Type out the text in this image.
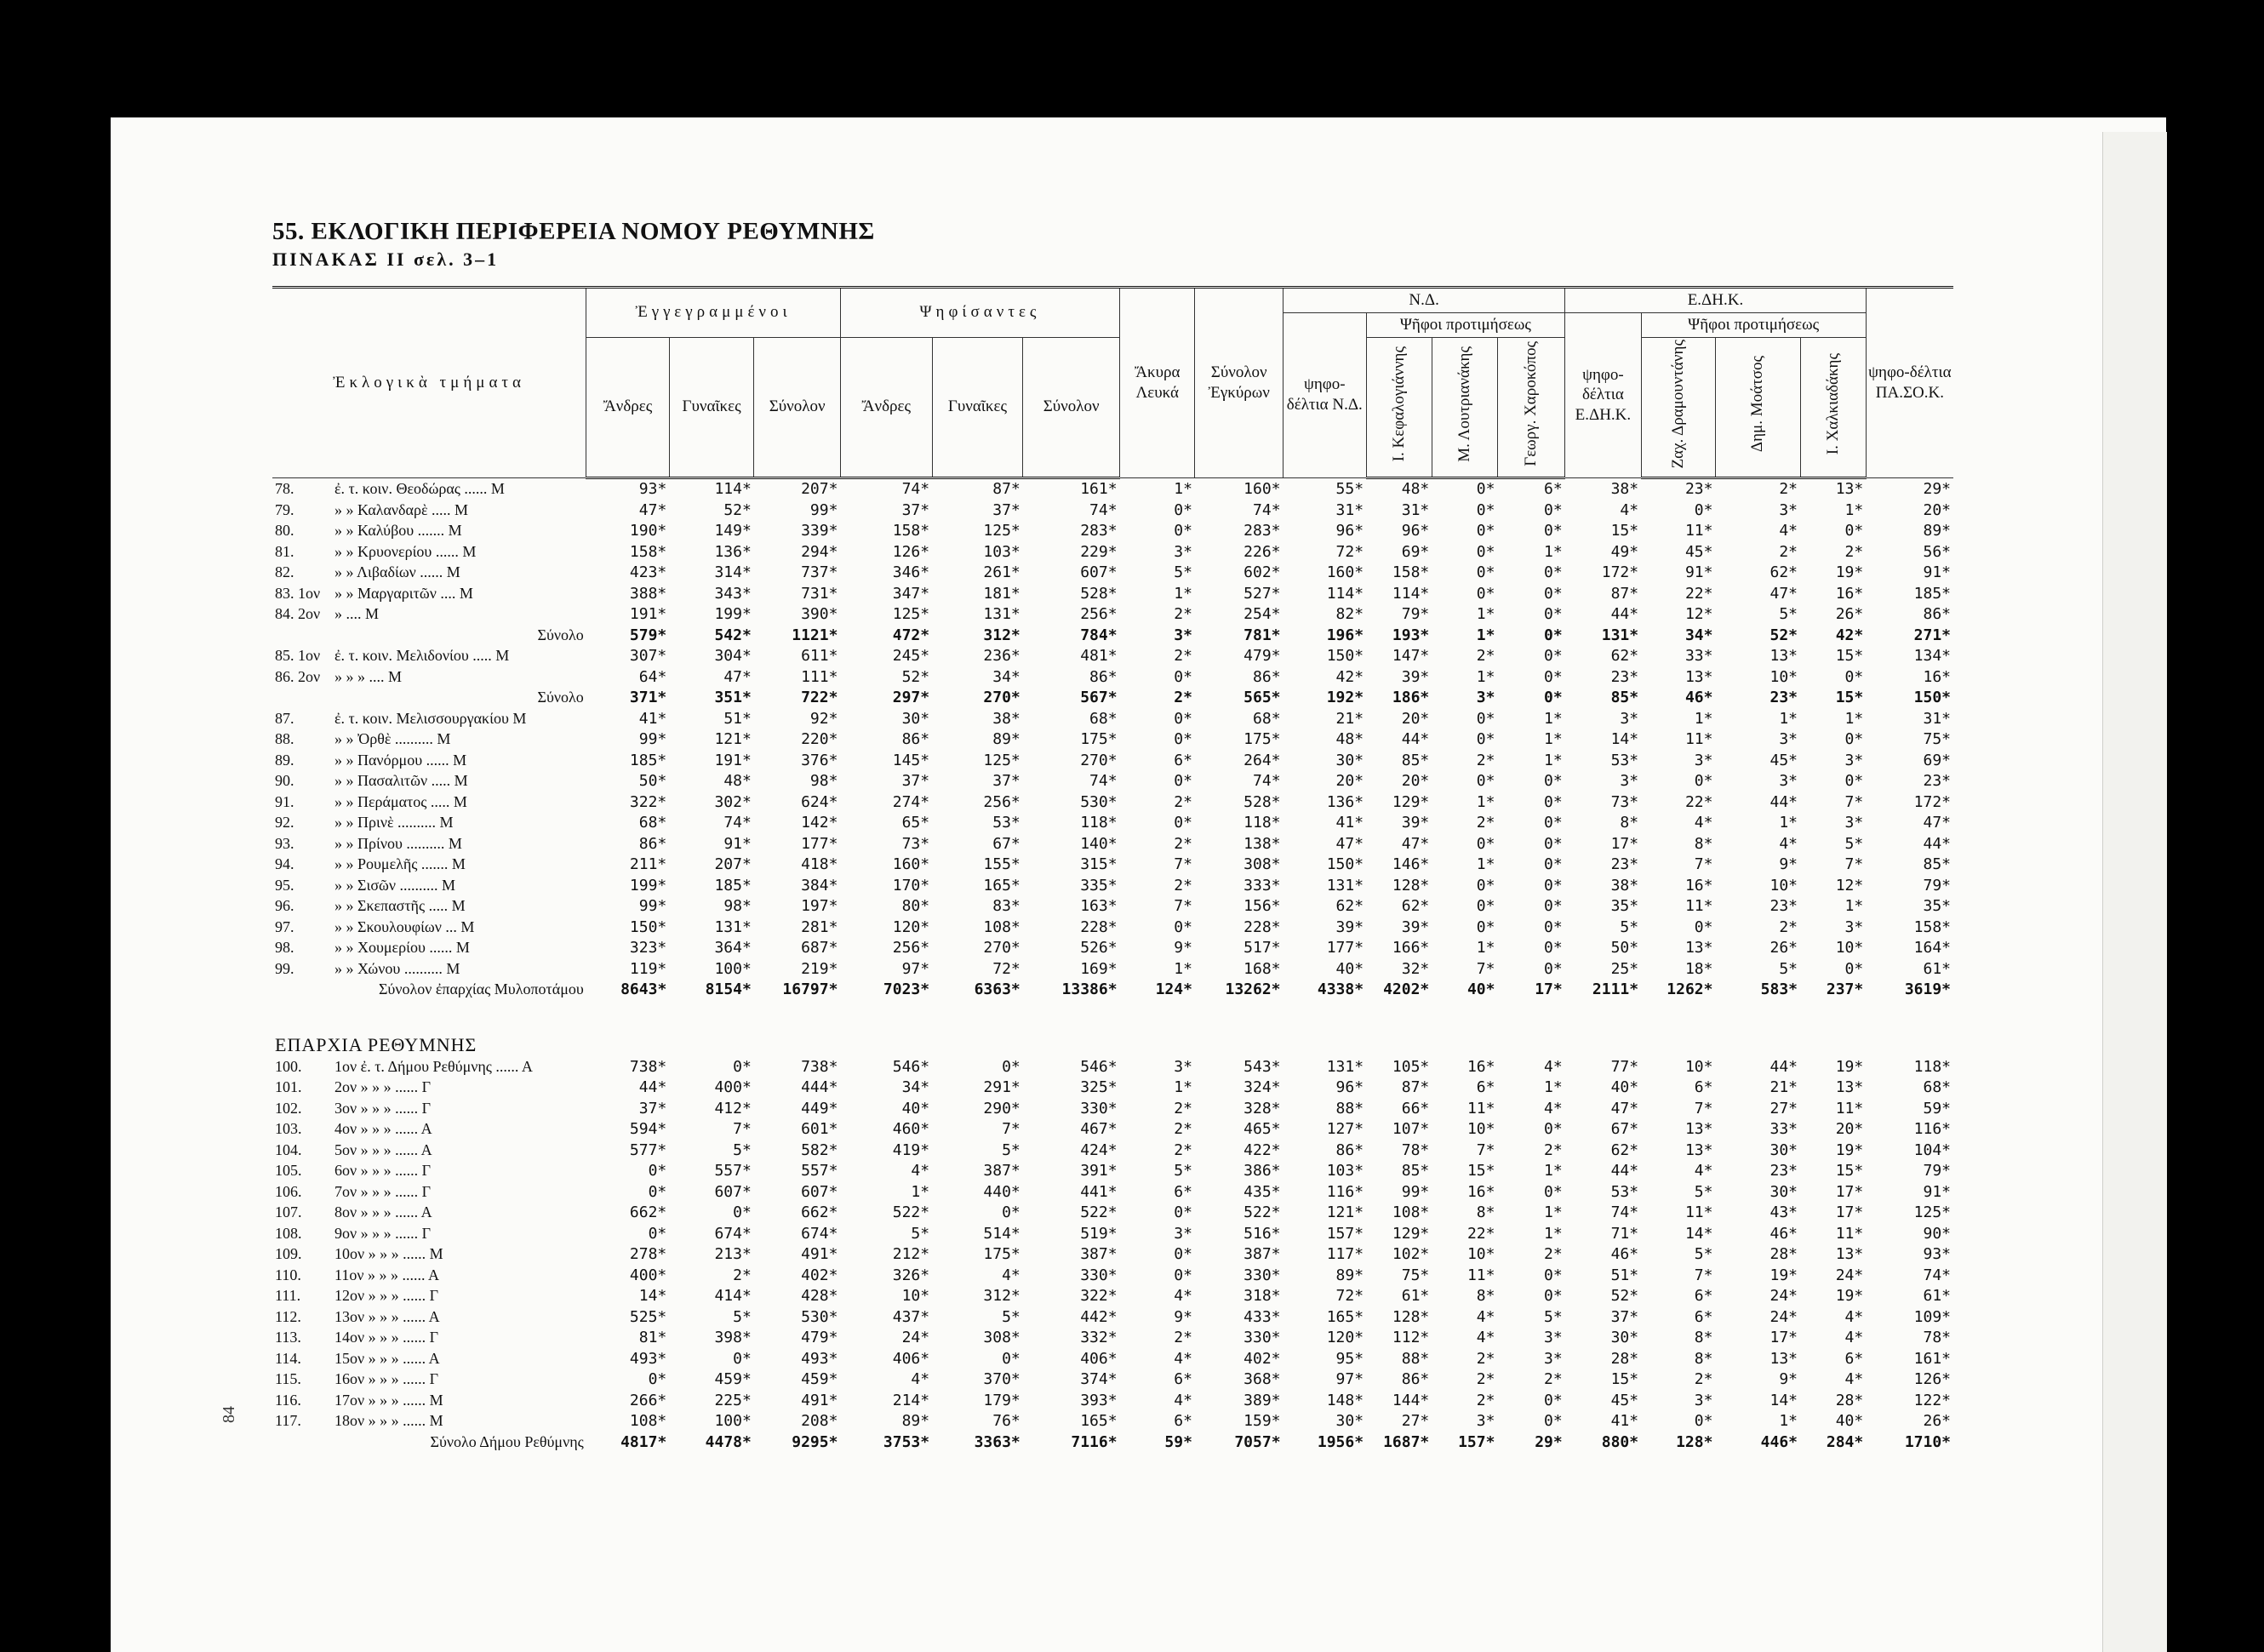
55. ΕΚΛΟΓΙΚΗ ΠΕΡΙΦΕΡΕΙΑ ΝΟΜΟΥ ΡΕΘΥΜΝΗΣ
ΠΙΝΑΚΑΣ II σελ. 3–1
84
Ἐκλογικὰ τμήματα	Ἐγγεγραμμένοι			Ψηφίσαντες			Ἄκυρα Λευκά	Σύνολον Ἐγκύρων	Ν.Δ.				Ε.ΔΗ.Κ.				ψηφο-δέλτια ΠΑ.ΣΟ.Κ.
									ψηφο-δέλτια Ν.Δ.	Ψῆφοι προτιμήσεως			ψηφο-δέλτια Ε.ΔΗ.Κ.	Ψῆφοι προτιμήσεως			
	Ἄνδρες	Γυναῖκες	Σύνολον	Ἄνδρες	Γυναῖκες	Σύνολον				Ι. Κεφαλογιάννης	Μ. Λουτριανάκης	Γεωργ. Χαροκόπος		Ζαχ. Δραμουντάνης	Δημ. Μοάτσος	Ι. Χαλκιαδάκης	
78. ἐ. τ. κοιν. Θεοδώρας ...... Μ	93*	114*	207*	74*	87*	161*	1*	160*	55*	48*	0*	6*	38*	23*	2*	13*	29*
79. » » Καλανδαρὲ ..... Μ	47*	52*	99*	37*	37*	74*	0*	74*	31*	31*	0*	0*	4*	0*	3*	1*	20*
80. » » Καλύβου ....... Μ	190*	149*	339*	158*	125*	283*	0*	283*	96*	96*	0*	0*	15*	11*	4*	0*	89*
81. » » Κρυονερίου ...... Μ	158*	136*	294*	126*	103*	229*	3*	226*	72*	69*	0*	1*	49*	45*	2*	2*	56*
82. » » Λιβαδίων ...... Μ	423*	314*	737*	346*	261*	607*	5*	602*	160*	158*	0*	0*	172*	91*	62*	19*	91*
83. 1ον » » Μαργαριτῶν .... Μ	388*	343*	731*	347*	181*	528*	1*	527*	114*	114*	0*	0*	87*	22*	47*	16*	185*
84. 2ον » .... Μ	191*	199*	390*	125*	131*	256*	2*	254*	82*	79*	1*	0*	44*	12*	5*	26*	86*
Σύνολο	579*	542*	1121*	472*	312*	784*	3*	781*	196*	193*	1*	0*	131*	34*	52*	42*	271*
85. 1ον ἐ. τ. κοιν. Μελιδονίου ..... Μ	307*	304*	611*	245*	236*	481*	2*	479*	150*	147*	2*	0*	62*	33*	13*	15*	134*
86. 2ον » » » .... Μ	64*	47*	111*	52*	34*	86*	0*	86*	42*	39*	1*	0*	23*	13*	10*	0*	16*
Σύνολο	371*	351*	722*	297*	270*	567*	2*	565*	192*	186*	3*	0*	85*	46*	23*	15*	150*
87. ἐ. τ. κοιν. Μελισσουργακίου Μ	41*	51*	92*	30*	38*	68*	0*	68*	21*	20*	0*	1*	3*	1*	1*	1*	31*
88. » » Ὀρθὲ .......... Μ	99*	121*	220*	86*	89*	175*	0*	175*	48*	44*	0*	1*	14*	11*	3*	0*	75*
89. » » Πανόρμου ...... Μ	185*	191*	376*	145*	125*	270*	6*	264*	30*	85*	2*	1*	53*	3*	45*	3*	69*
90. » » Πασαλιτῶν ..... Μ	50*	48*	98*	37*	37*	74*	0*	74*	20*	20*	0*	0*	3*	0*	3*	0*	23*
91. » » Περάματος ..... Μ	322*	302*	624*	274*	256*	530*	2*	528*	136*	129*	1*	0*	73*	22*	44*	7*	172*
92. » » Πρινὲ .......... Μ	68*	74*	142*	65*	53*	118*	0*	118*	41*	39*	2*	0*	8*	4*	1*	3*	47*
93. » » Πρίνου .......... Μ	86*	91*	177*	73*	67*	140*	2*	138*	47*	47*	0*	0*	17*	8*	4*	5*	44*
94. » » Ρουμελῆς ....... Μ	211*	207*	418*	160*	155*	315*	7*	308*	150*	146*	1*	0*	23*	7*	9*	7*	85*
95. » » Σισῶν .......... Μ	199*	185*	384*	170*	165*	335*	2*	333*	131*	128*	0*	0*	38*	16*	10*	12*	79*
96. » » Σκεπαστῆς ..... Μ	99*	98*	197*	80*	83*	163*	7*	156*	62*	62*	0*	0*	35*	11*	23*	1*	35*
97. » » Σκουλουφίων ... Μ	150*	131*	281*	120*	108*	228*	0*	228*	39*	39*	0*	0*	5*	0*	2*	3*	158*
98. » » Χουμερίου ...... Μ	323*	364*	687*	256*	270*	526*	9*	517*	177*	166*	1*	0*	50*	13*	26*	10*	164*
99. » » Χώνου .......... Μ	119*	100*	219*	97*	72*	169*	1*	168*	40*	32*	7*	0*	25*	18*	5*	0*	61*
Σύνολον ἐπαρχίας Μυλοποτάμου	8643*	8154*	16797*	7023*	6363*	13386*	124*	13262*	4338*	4202*	40*	17*	2111*	1262*	583*	237*	3619*

ΕΠΑΡΧΙΑ ΡΕΘΥΜΝΗΣ																	
100. 1ον ἐ. τ. Δήμου Ρεθύμνης ...... Α	738*	0*	738*	546*	0*	546*	3*	543*	131*	105*	16*	4*	77*	10*	44*	19*	118*
101. 2ον » » » ...... Γ	44*	400*	444*	34*	291*	325*	1*	324*	96*	87*	6*	1*	40*	6*	21*	13*	68*
102. 3ον » » » ...... Γ	37*	412*	449*	40*	290*	330*	2*	328*	88*	66*	11*	4*	47*	7*	27*	11*	59*
103. 4ον » » » ...... Α	594*	7*	601*	460*	7*	467*	2*	465*	127*	107*	10*	0*	67*	13*	33*	20*	116*
104. 5ον » » » ...... Α	577*	5*	582*	419*	5*	424*	2*	422*	86*	78*	7*	2*	62*	13*	30*	19*	104*
105. 6ον » » » ...... Γ	0*	557*	557*	4*	387*	391*	5*	386*	103*	85*	15*	1*	44*	4*	23*	15*	79*
106. 7ον » » » ...... Γ	0*	607*	607*	1*	440*	441*	6*	435*	116*	99*	16*	0*	53*	5*	30*	17*	91*
107. 8ον » » » ...... Α	662*	0*	662*	522*	0*	522*	0*	522*	121*	108*	8*	1*	74*	11*	43*	17*	125*
108. 9ον » » » ...... Γ	0*	674*	674*	5*	514*	519*	3*	516*	157*	129*	22*	1*	71*	14*	46*	11*	90*
109. 10ον » » » ...... Μ	278*	213*	491*	212*	175*	387*	0*	387*	117*	102*	10*	2*	46*	5*	28*	13*	93*
110. 11ον » » » ...... Α	400*	2*	402*	326*	4*	330*	0*	330*	89*	75*	11*	0*	51*	7*	19*	24*	74*
111. 12ον » » » ...... Γ	14*	414*	428*	10*	312*	322*	4*	318*	72*	61*	8*	0*	52*	6*	24*	19*	61*
112. 13ον » » » ...... Α	525*	5*	530*	437*	5*	442*	9*	433*	165*	128*	4*	5*	37*	6*	24*	4*	109*
113. 14ον » » » ...... Γ	81*	398*	479*	24*	308*	332*	2*	330*	120*	112*	4*	3*	30*	8*	17*	4*	78*
114. 15ον » » » ...... Α	493*	0*	493*	406*	0*	406*	4*	402*	95*	88*	2*	3*	28*	8*	13*	6*	161*
115. 16ον » » » ...... Γ	0*	459*	459*	4*	370*	374*	6*	368*	97*	86*	2*	2*	15*	2*	9*	4*	126*
116. 17ον » » » ...... Μ	266*	225*	491*	214*	179*	393*	4*	389*	148*	144*	2*	0*	45*	3*	14*	28*	122*
117. 18ον » » » ...... Μ	108*	100*	208*	89*	76*	165*	6*	159*	30*	27*	3*	0*	41*	0*	1*	40*	26*
Σύνολο Δήμου Ρεθύμνης	4817*	4478*	9295*	3753*	3363*	7116*	59*	7057*	1956*	1687*	157*	29*	880*	128*	446*	284*	1710*
